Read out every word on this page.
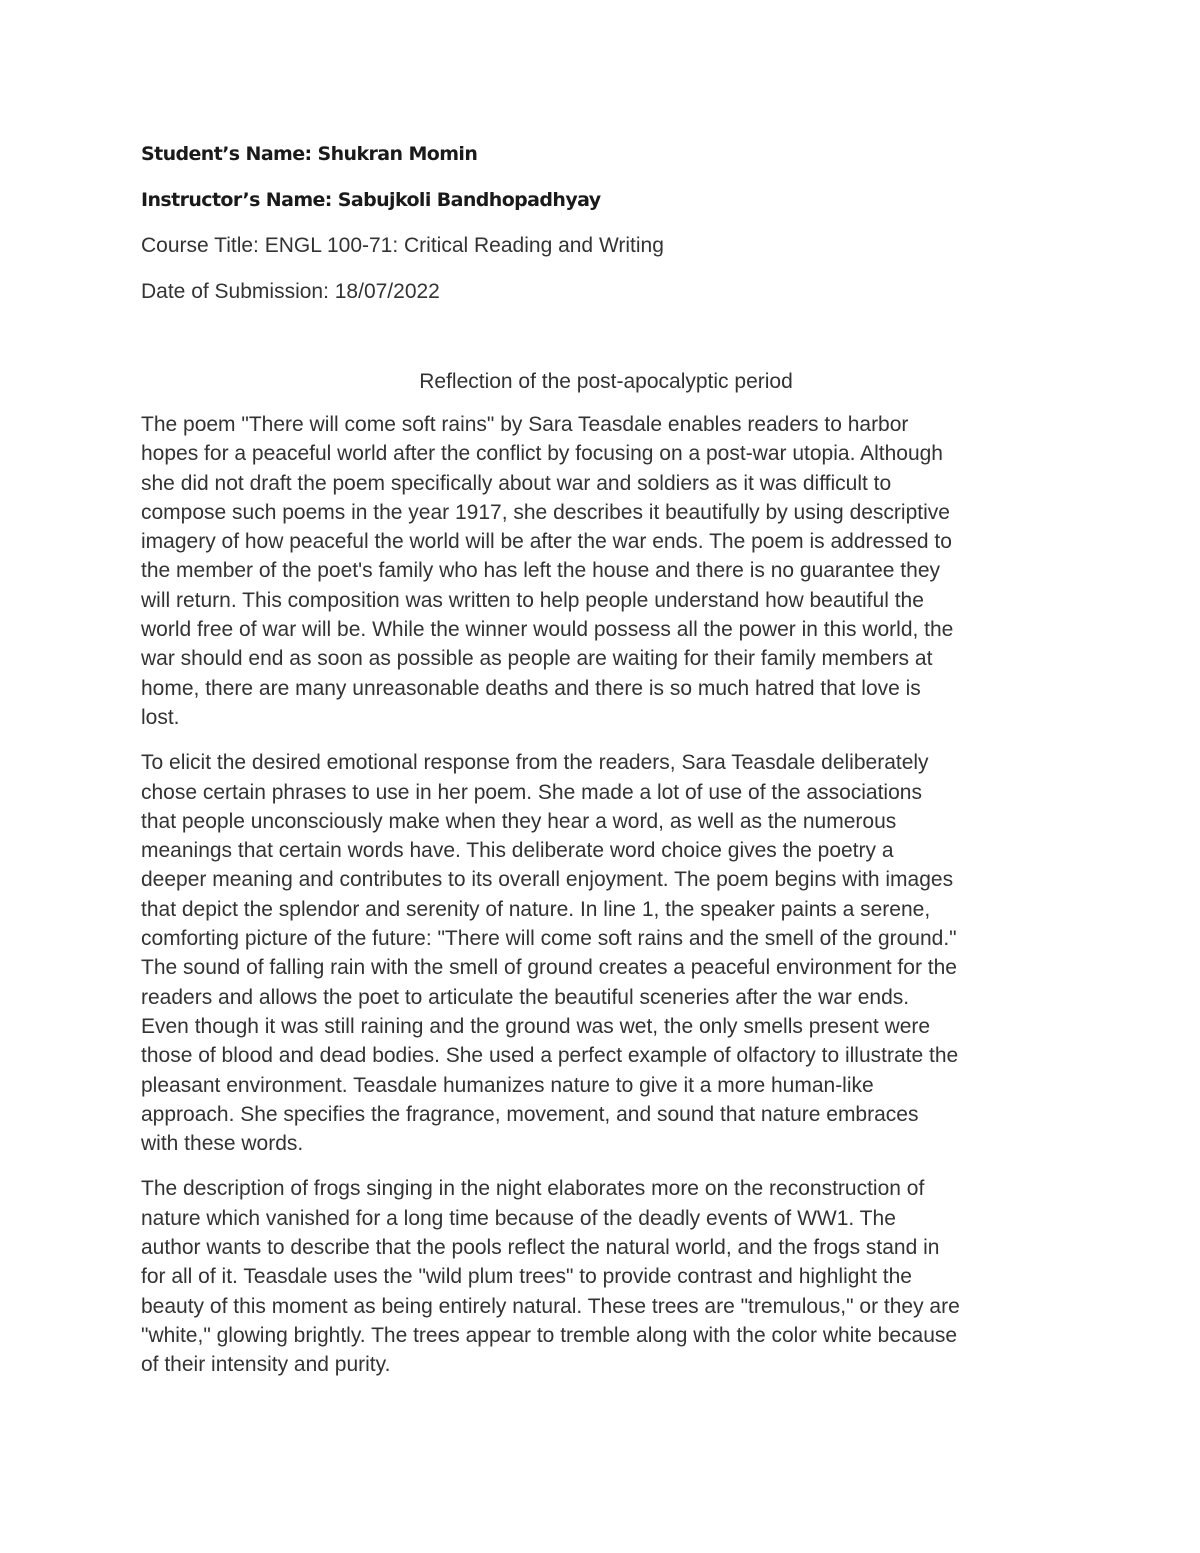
Student’s Name: Shukran Momin

Instructor’s Name: Sabujkoli Bandhopadhyay

Course Title: ENGL 100-71: Critical Reading and Writing

Date of Submission: 18/07/2022

Reflection of the post-apocalyptic period

The poem "There will come soft rains" by Sara Teasdale enables readers to harbor
hopes for a peaceful world after the conflict by focusing on a post-war utopia. Although
she did not draft the poem specifically about war and soldiers as it was difficult to
compose such poems in the year 1917, she describes it beautifully by using descriptive
imagery of how peaceful the world will be after the war ends. The poem is addressed to
the member of the poet's family who has left the house and there is no guarantee they
will return. This composition was written to help people understand how beautiful the
world free of war will be. While the winner would possess all the power in this world, the
war should end as soon as possible as people are waiting for their family members at
home, there are many unreasonable deaths and there is so much hatred that love is
lost.

To elicit the desired emotional response from the readers, Sara Teasdale deliberately
chose certain phrases to use in her poem. She made a lot of use of the associations
that people unconsciously make when they hear a word, as well as the numerous
meanings that certain words have. This deliberate word choice gives the poetry a
deeper meaning and contributes to its overall enjoyment. The poem begins with images
that depict the splendor and serenity of nature. In line 1, the speaker paints a serene,
comforting picture of the future: "There will come soft rains and the smell of the ground."
The sound of falling rain with the smell of ground creates a peaceful environment for the
readers and allows the poet to articulate the beautiful sceneries after the war ends.
Even though it was still raining and the ground was wet, the only smells present were
those of blood and dead bodies. She used a perfect example of olfactory to illustrate the
pleasant environment. Teasdale humanizes nature to give it a more human-like
approach. She specifies the fragrance, movement, and sound that nature embraces
with these words.

The description of frogs singing in the night elaborates more on the reconstruction of
nature which vanished for a long time because of the deadly events of WW1. The
author wants to describe that the pools reflect the natural world, and the frogs stand in
for all of it. Teasdale uses the "wild plum trees" to provide contrast and highlight the
beauty of this moment as being entirely natural. These trees are "tremulous," or they are
"white," glowing brightly. The trees appear to tremble along with the color white because
of their intensity and purity.
